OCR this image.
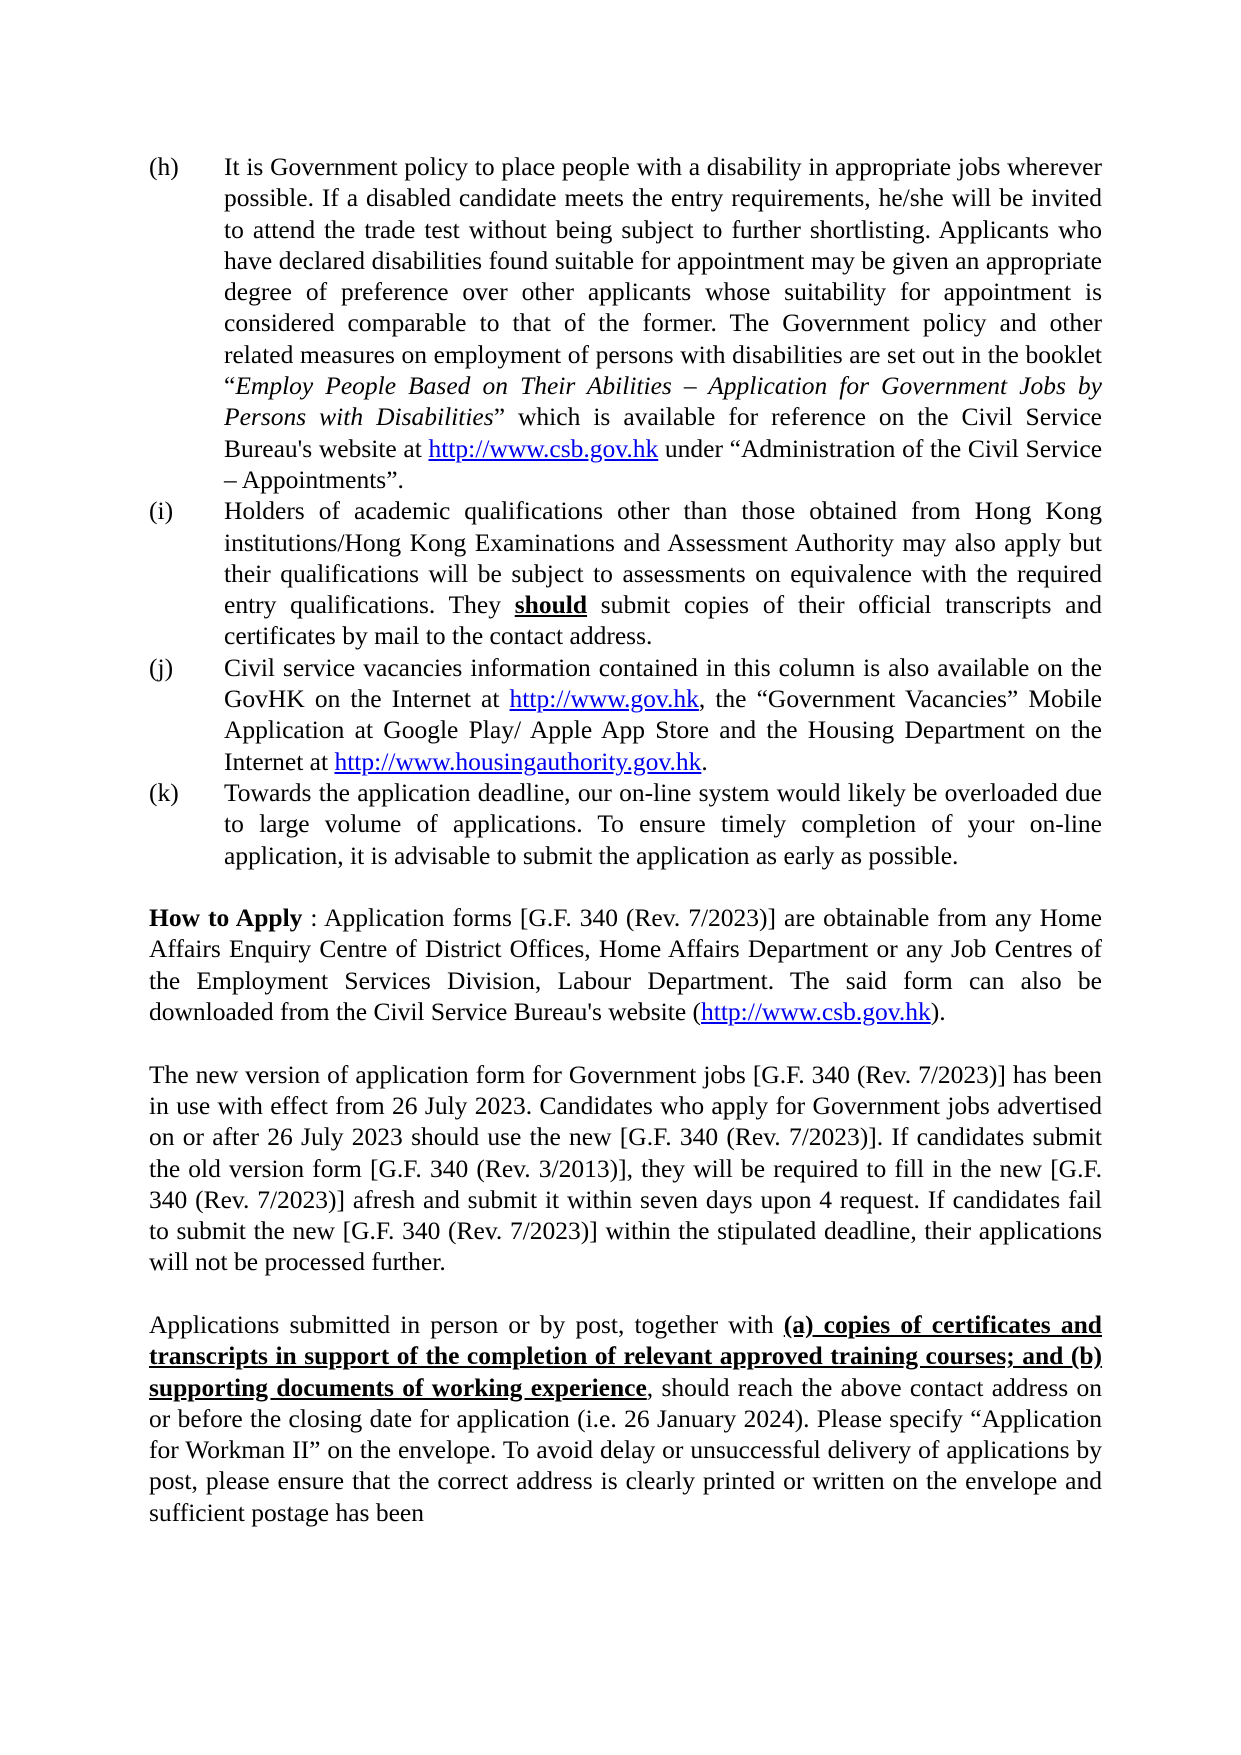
(h)	It is Government policy to place people with a disability in appropriate jobs wherever possible. If a disabled candidate meets the entry requirements, he/she will be invited to attend the trade test without being subject to further shortlisting. Applicants who have declared disabilities found suitable for appointment may be given an appropriate degree of preference over other applicants whose suitability for appointment is considered comparable to that of the former. The Government policy and other related measures on employment of persons with disabilities are set out in the booklet “Employ People Based on Their Abilities – Application for Government Jobs by Persons with Disabilities” which is available for reference on the Civil Service Bureau's website at http://www.csb.gov.hk under “Administration of the Civil Service – Appointments”.
(i)	Holders of academic qualifications other than those obtained from Hong Kong institutions/Hong Kong Examinations and Assessment Authority may also apply but their qualifications will be subject to assessments on equivalence with the required entry qualifications. They should submit copies of their official transcripts and certificates by mail to the contact address.
(j)	Civil service vacancies information contained in this column is also available on the GovHK on the Internet at http://www.gov.hk, the “Government Vacancies” Mobile Application at Google Play/ Apple App Store and the Housing Department on the Internet at http://www.housingauthority.gov.hk.
(k)	Towards the application deadline, our on-line system would likely be overloaded due to large volume of applications. To ensure timely completion of your on-line application, it is advisable to submit the application as early as possible.

How to Apply : Application forms [G.F. 340 (Rev. 7/2023)] are obtainable from any Home Affairs Enquiry Centre of District Offices, Home Affairs Department or any Job Centres of the Employment Services Division, Labour Department. The said form can also be downloaded from the Civil Service Bureau's website (http://www.csb.gov.hk).

The new version of application form for Government jobs [G.F. 340 (Rev. 7/2023)] has been in use with effect from 26 July 2023. Candidates who apply for Government jobs advertised on or after 26 July 2023 should use the new [G.F. 340 (Rev. 7/2023)]. If candidates submit the old version form [G.F. 340 (Rev. 3/2013)], they will be required to fill in the new [G.F. 340 (Rev. 7/2023)] afresh and submit it within seven days upon 4 request. If candidates fail to submit the new [G.F. 340 (Rev. 7/2023)] within the stipulated deadline, their applications will not be processed further.

Applications submitted in person or by post, together with (a) copies of certificates and transcripts in support of the completion of relevant approved training courses; and (b) supporting documents of working experience, should reach the above contact address on or before the closing date for application (i.e. 26 January 2024). Please specify “Application for Workman II” on the envelope. To avoid delay or unsuccessful delivery of applications by post, please ensure that the correct address is clearly printed or written on the envelope and sufficient postage has been
